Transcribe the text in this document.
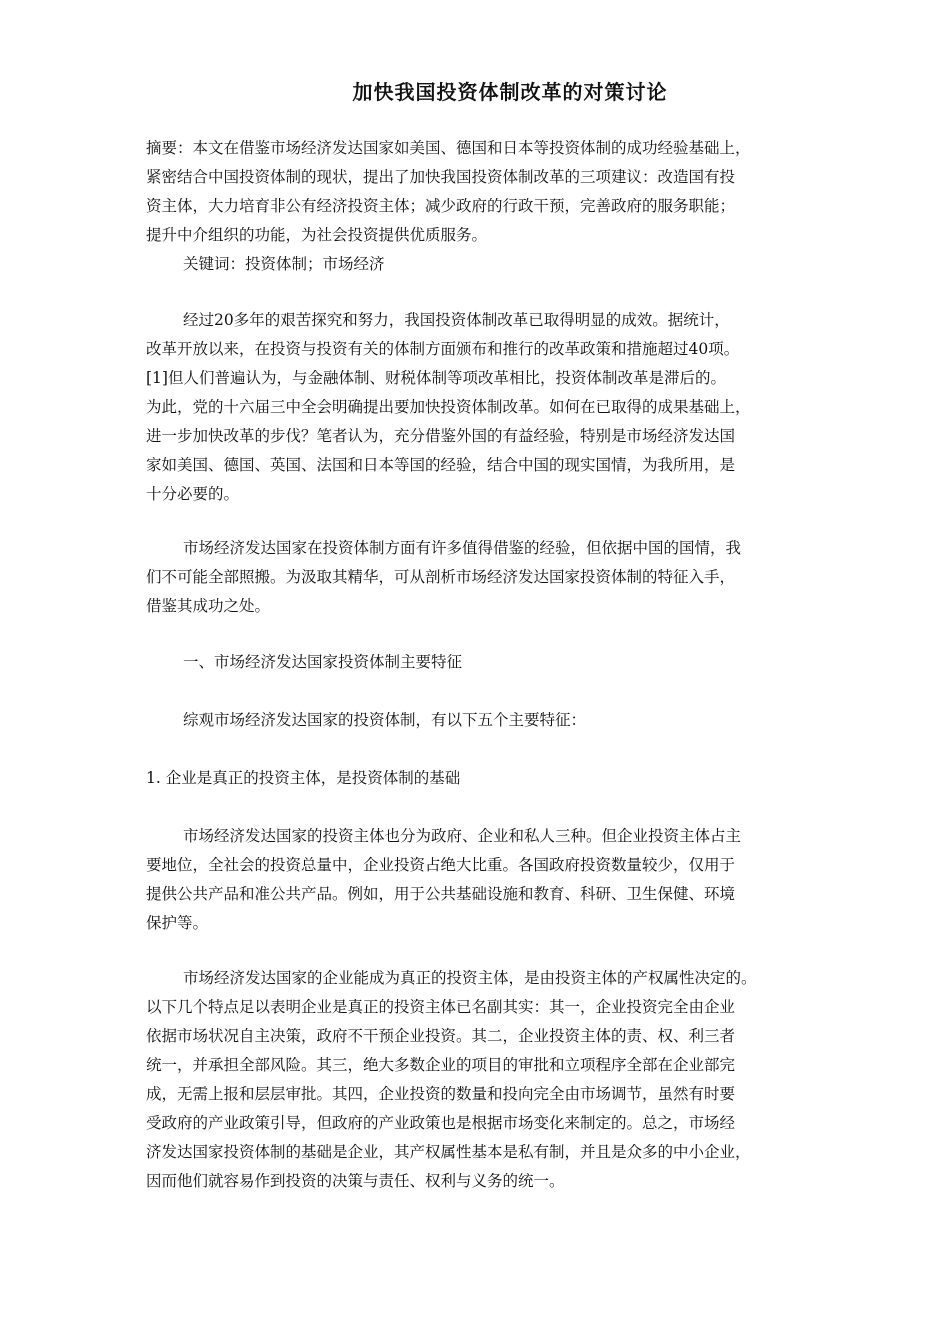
加快我国投资体制改革的对策讨论
摘要：本文在借鉴市场经济发达国家如美国、德国和日本等投资体制的成功经验基础上，
紧密结合中国投资体制的现状，提出了加快我国投资体制改革的三项建议：改造国有投
资主体，大力培育非公有经济投资主体；减少政府的行政干预，完善政府的服务职能；
提升中介组织的功能，为社会投资提供优质服务。
关键词：投资体制；市场经济
经过20多年的艰苦探究和努力，我国投资体制改革已取得明显的成效。据统计，
改革开放以来，在投资与投资有关的体制方面颁布和推行的改革政策和措施超过40项。
[1]但人们普遍认为，与金融体制、财税体制等项改革相比，投资体制改革是滞后的。
为此，党的十六届三中全会明确提出要加快投资体制改革。如何在已取得的成果基础上，
进一步加快改革的步伐？笔者认为，充分借鉴外国的有益经验，特别是市场经济发达国
家如美国、德国、英国、法国和日本等国的经验，结合中国的现实国情，为我所用，是
十分必要的。
市场经济发达国家在投资体制方面有许多值得借鉴的经验，但依据中国的国情，我
们不可能全部照搬。为汲取其精华，可从剖析市场经济发达国家投资体制的特征入手，
借鉴其成功之处。
一、市场经济发达国家投资体制主要特征
综观市场经济发达国家的投资体制，有以下五个主要特征：
1. 企业是真正的投资主体，是投资体制的基础
市场经济发达国家的投资主体也分为政府、企业和私人三种。但企业投资主体占主
要地位，全社会的投资总量中，企业投资占绝大比重。各国政府投资数量较少，仅用于
提供公共产品和准公共产品。例如，用于公共基础设施和教育、科研、卫生保健、环境
保护等。
市场经济发达国家的企业能成为真正的投资主体，是由投资主体的产权属性决定的。
以下几个特点足以表明企业是真正的投资主体已名副其实：其一，企业投资完全由企业
依据市场状况自主决策，政府不干预企业投资。其二，企业投资主体的责、权、利三者
统一，并承担全部风险。其三，绝大多数企业的项目的审批和立项程序全部在企业部完
成，无需上报和层层审批。其四，企业投资的数量和投向完全由市场调节，虽然有时要
受政府的产业政策引导，但政府的产业政策也是根据市场变化来制定的。总之，市场经
济发达国家投资体制的基础是企业，其产权属性基本是私有制，并且是众多的中小企业，
因而他们就容易作到投资的决策与责任、权利与义务的统一。
